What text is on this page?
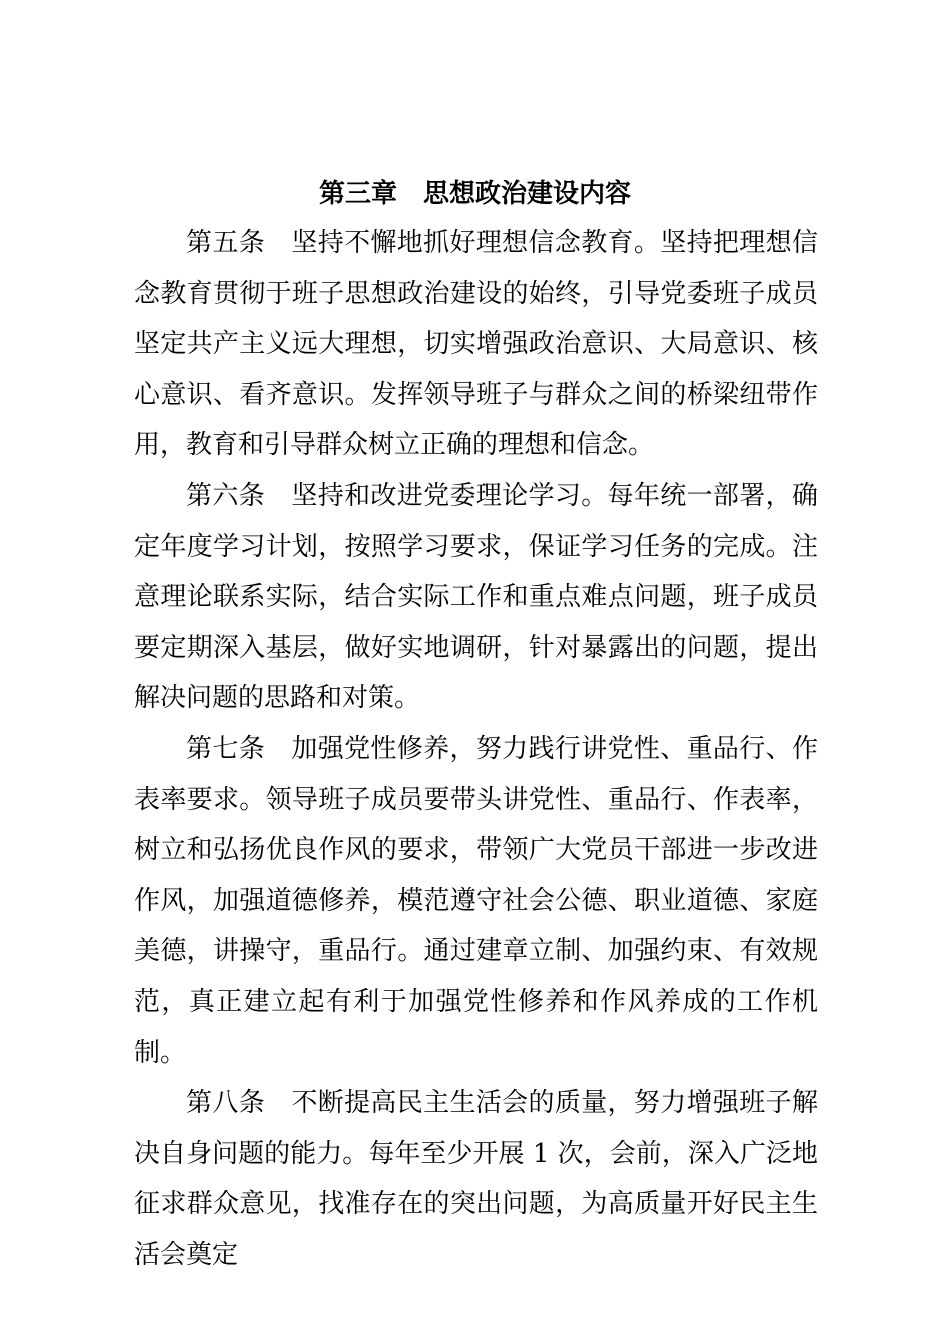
第三章　思想政治建设内容

第五条　坚持不懈地抓好理想信念教育。坚持把理想信念教育贯彻于班子思想政治建设的始终，引导党委班子成员坚定共产主义远大理想，切实增强政治意识、大局意识、核心意识、看齐意识。发挥领导班子与群众之间的桥梁纽带作用，教育和引导群众树立正确的理想和信念。

第六条　坚持和改进党委理论学习。每年统一部署，确定年度学习计划，按照学习要求，保证学习任务的完成。注意理论联系实际，结合实际工作和重点难点问题，班子成员要定期深入基层，做好实地调研，针对暴露出的问题，提出解决问题的思路和对策。

第七条　加强党性修养，努力践行讲党性、重品行、作表率要求。领导班子成员要带头讲党性、重品行、作表率，树立和弘扬优良作风的要求，带领广大党员干部进一步改进作风，加强道德修养，模范遵守社会公德、职业道德、家庭美德，讲操守，重品行。通过建章立制、加强约束、有效规范，真正建立起有利于加强党性修养和作风养成的工作机制。

第八条　不断提高民主生活会的质量，努力增强班子解决自身问题的能力。每年至少开展 1 次，会前，深入广泛地征求群众意见，找准存在的突出问题，为高质量开好民主生活会奠定
